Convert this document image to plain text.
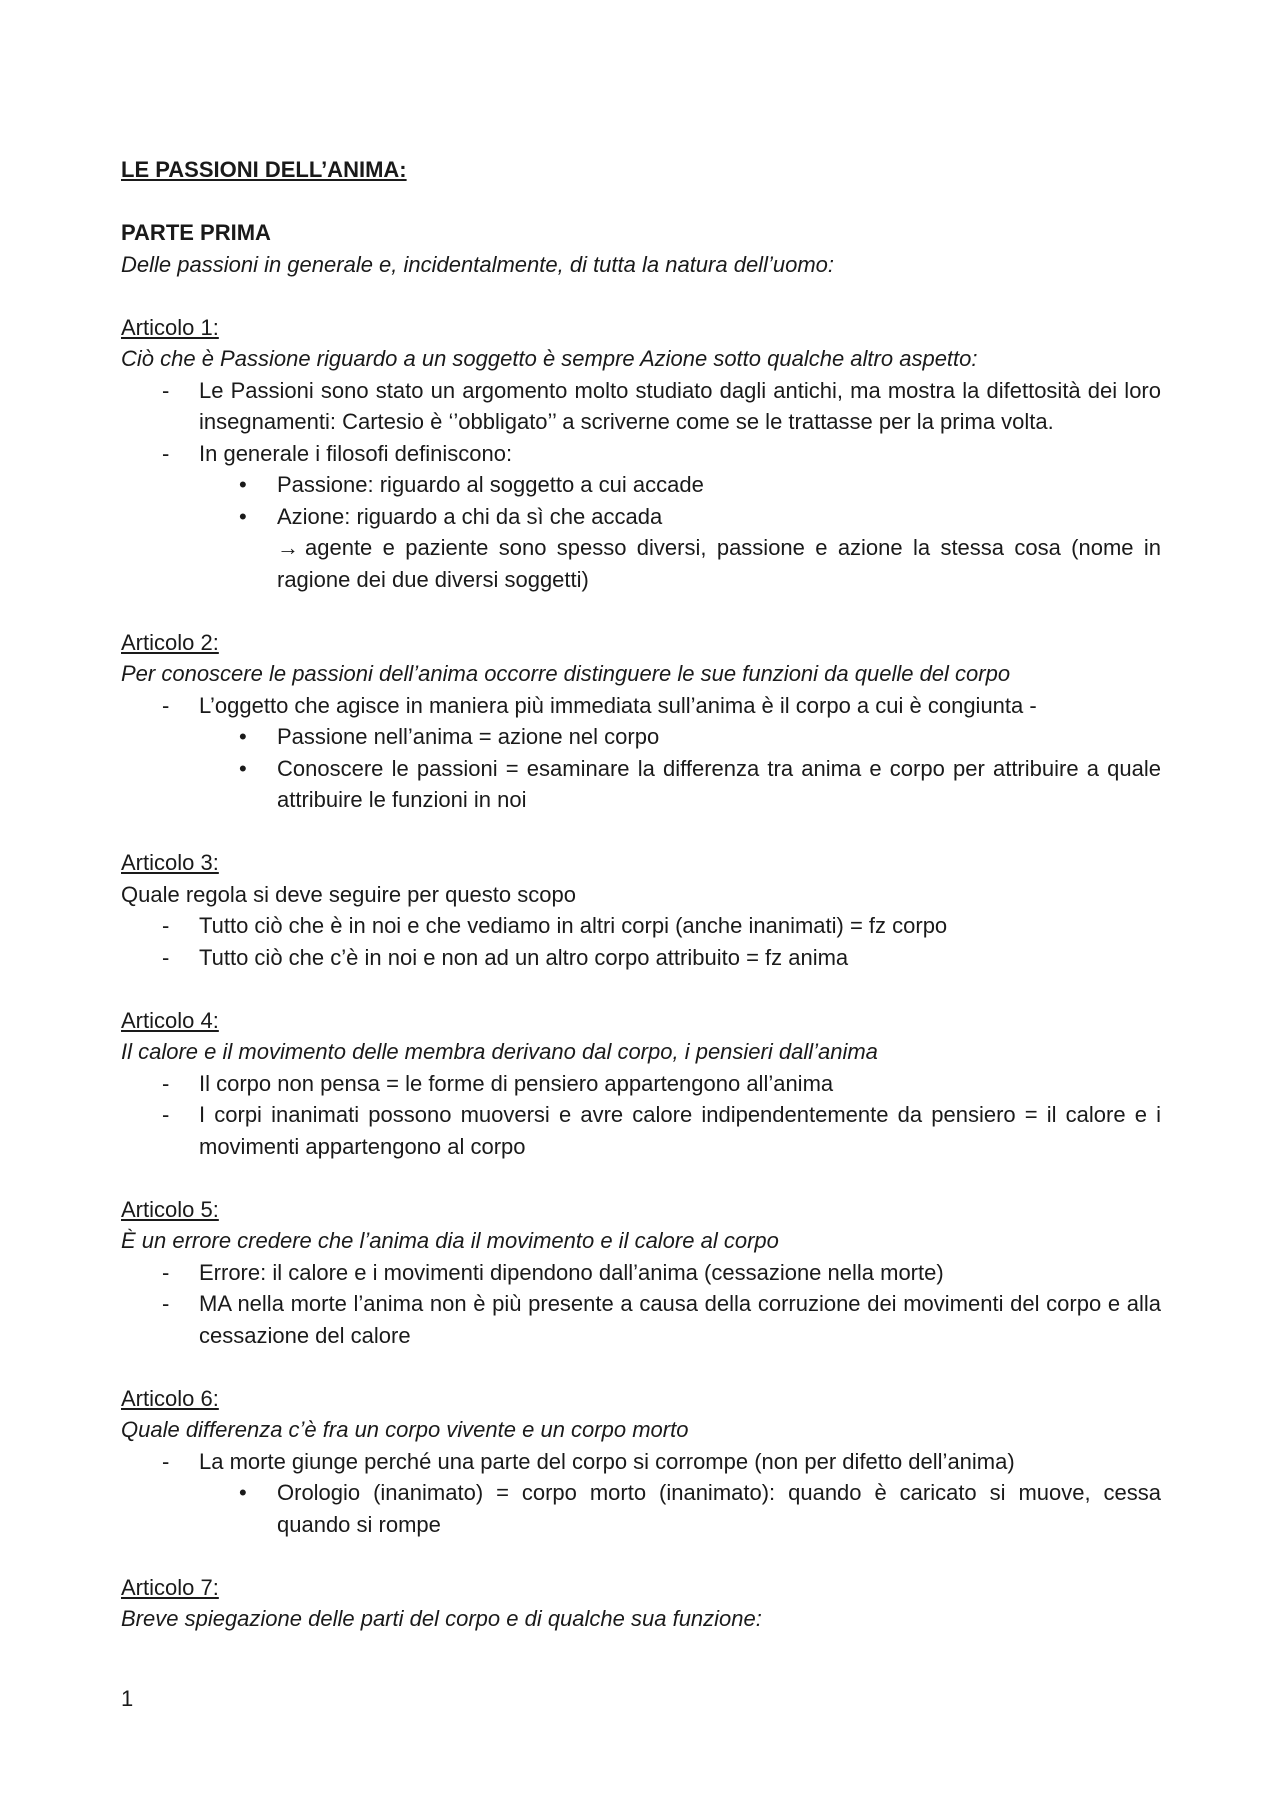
LE PASSIONI DELL’ANIMA:
PARTE PRIMA
Delle passioni in generale e, incidentalmente, di tutta la natura dell’uomo:
Articolo 1:
Ciò che è Passione riguardo a un soggetto è sempre Azione sotto qualche altro aspetto:
- Le Passioni sono stato un argomento molto studiato dagli antichi, ma mostra la difettosità dei loro insegnamenti: Cartesio è ‘’obbligato’’ a scriverne come se le trattasse per la prima volta.
- In generale i filosofi definiscono:
• Passione: riguardo al soggetto a cui accade
• Azione: riguardo a chi da sì che accada
→ agente e paziente sono spesso diversi, passione e azione la stessa cosa (nome in ragione dei due diversi soggetti)
Articolo 2:
Per conoscere le passioni dell’anima occorre distinguere le sue funzioni da quelle del corpo
- L’oggetto che agisce in maniera più immediata sull’anima è il corpo a cui è congiunta -
• Passione nell’anima = azione nel corpo
• Conoscere le passioni = esaminare la differenza tra anima e corpo per attribuire a quale attribuire le funzioni in noi
Articolo 3:
Quale regola si deve seguire per questo scopo
- Tutto ciò che è in noi e che vediamo in altri corpi (anche inanimati) = fz corpo
- Tutto ciò che c’è in noi e non ad un altro corpo attribuito = fz anima
Articolo 4:
Il calore e il movimento delle membra derivano dal corpo, i pensieri dall’anima
- Il corpo non pensa = le forme di pensiero appartengono all’anima
- I corpi inanimati possono muoversi e avre calore indipendentemente da pensiero = il calore e i movimenti appartengono al corpo
Articolo 5:
È un errore credere che l’anima dia il movimento e il calore al corpo
- Errore: il calore e i movimenti dipendono dall’anima (cessazione nella morte)
- MA nella morte l’anima non è più presente a causa della corruzione dei movimenti del corpo e alla cessazione del calore
Articolo 6:
Quale differenza c’è fra un corpo vivente e un corpo morto
- La morte giunge perché una parte del corpo si corrompe (non per difetto dell’anima)
• Orologio (inanimato) = corpo morto (inanimato): quando è caricato si muove, cessa quando si rompe
Articolo 7:
Breve spiegazione delle parti del corpo e di qualche sua funzione:
1
